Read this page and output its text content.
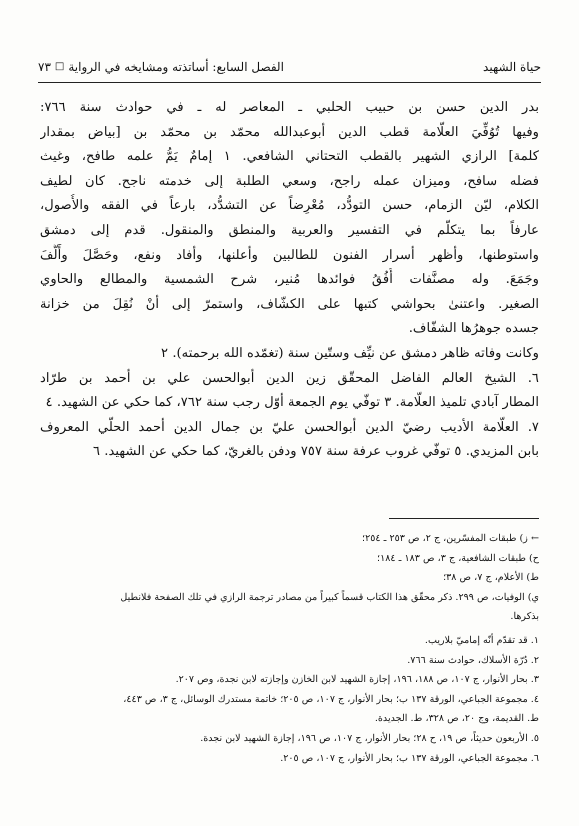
حياة الشهيد
الفصل السابع: أساتذته ومشايخه في الرواية
□
٧٣
بدر الدين حسن بن حبيب الحلبي ـ المعاصر له ـ في حوادث سنة ٧٦٦:
وفيها تُوُفِّيَ العلّامة قطب الدين أبوعبدالله محمّد بن محمّد بن [بياض بمقدار
كلمة] الرازي الشهير بالقطب التحتاني الشافعي. ١ إمامٌ يَمُّ علمه طافح، وغيث
فضله سافح، وميزان عمله راجح، وسعي الطلبة إلى خدمته ناجح. كان لطيف
الكلام، ليّن الزمام، حسن التودُّد، مُعْرِضاً عن التشدُّد، بارعاً في الفقه والأُصول،
عارفاً بما يتكلّم في التفسير والعربية والمنطق والمنقول. قدم إلى دمشق
واستوطنها، وأظهر أسرار الفنون للطالبين وأعلنها، وأفاد ونفع، وحَصَّلَ وأَلَّفَ
وجَمَعَ. وله مصنَّفات أُفُقُ فوائدها مُنير، شرح الشمسية والمطالع والحاوي
الصغير. واعتنىٰ بحواشي كتبها على الكشّاف، واستمرّ إلى أنْ نُقِلَ من خزانة
جسده جوهرُها الشفّاف.
وكانت وفاته ظاهر دمشق عن نيِّف وستّين سنة (تغمّده الله برحمته). ٢
٦. الشيخ العالم الفاضل المحقّق زين الدين أبوالحسن علي بن أحمد بن طرّاد
المطار آبادي تلميذ العلّامة. ٣ توفّي يوم الجمعة أوّل رجب سنة ٧٦٢، كما حكي عن الشهيد. ٤
٧. العلّامة الأديب رضيّ الدين أبوالحسن عليّ بن جمال الدين أحمد الحلّي المعروف
بابن المزيدي. ٥ توفّي غروب عرفة سنة ٧٥٧ ودفن بالغريّ، كما حكي عن الشهيد. ٦
← ز) طبقات المفسّرين، ج ٢، ص ٢٥٣ ـ ٢٥٤؛
ح) طبقات الشافعية، ج ٣، ص ١٨٣ ـ ١٨٤؛
ط) الأعلام، ج ٧، ص ٣٨؛
ي) الوفيات، ص ٢٩٩. ذكر محقّق هذا الكتاب قسماً كبيراً من مصادر ترجمة الرازي في تلك الصفحة فلانطيل
بذكرها.
١. قد تقدّم أنّه إماميّ بلاريب.
٢. دُرّة الأسلاك، حوادث سنة ٧٦٦.
٣. بحار الأنوار، ج ١٠٧، ص ١٨٨، ١٩٦، إجازة الشهيد لابن الخازن وإجازته لابن نجدة، وص ٢٠٧.
٤. مجموعة الجباعي، الورقة ١٣٧ ب؛ بحار الأنوار، ج ١٠٧، ص ٢٠٥؛ خاتمة مستدرك الوسائل، ج ٣، ص ٤٤٣،
ط. القديمة، وج ٢٠، ص ٣٢٨، ط. الجديدة.
٥. الأربعون حديثاً، ص ١٩، ح ٢٨؛ بحار الأنوار، ج ١٠٧، ص ١٩٦، إجازة الشهيد لابن نجدة.
٦. مجموعة الجباعي، الورقة ١٣٧ ب؛ بحار الأنوار، ج ١٠٧، ص ٢٠٥.
